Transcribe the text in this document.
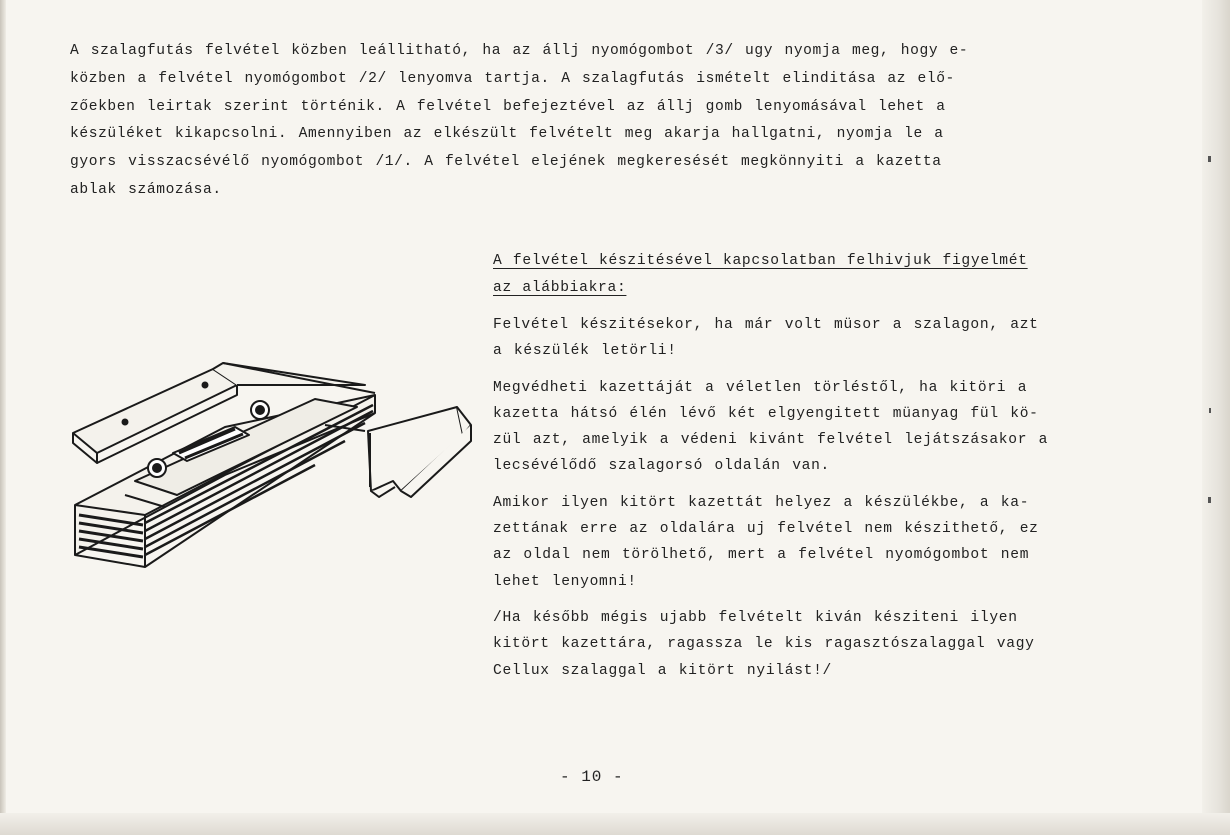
A szalagfutás felvétel közben leállitható, ha az állj nyomógombot /3/ ugy nyomja meg, hogy e-
közben a felvétel nyomógombot /2/ lenyomva tartja. A szalagfutás ismételt elinditása az elő-
zőekben leirtak szerint történik. A felvétel befejeztével az állj gomb lenyomásával lehet a
készüléket kikapcsolni. Amennyiben az elkészült felvételt meg akarja hallgatni, nyomja le a
gyors visszacsévélő nyomógombot /1/. A felvétel elejének megkeresését megkönnyiti a kazetta
ablak számozása.

A felvétel készitésével kapcsolatban felhivjuk figyelmét
az alábbiakra:
Felvétel készitésekor, ha már volt müsor a szalagon, azt
a készülék letörli!
Megvédheti kazettáját a véletlen törléstől, ha kitöri a
kazetta hátsó élén lévő két elgyengitett müanyag fül kö-
zül azt, amelyik a védeni kivánt felvétel lejátszásakor a
lecsévélődő szalagorsó oldalán van.
Amikor ilyen kitört kazettát helyez a készülékbe, a ka-
zettának erre az oldalára uj felvétel nem készithető, ez
az oldal nem törölhető, mert a felvétel nyomógombot nem
lehet lenyomni!
/Ha később mégis ujabb felvételt kiván késziteni ilyen
kitört kazettára, ragassza le kis ragasztószalaggal vagy
Cellux szalaggal a kitört nyilást!/
- 10 -
